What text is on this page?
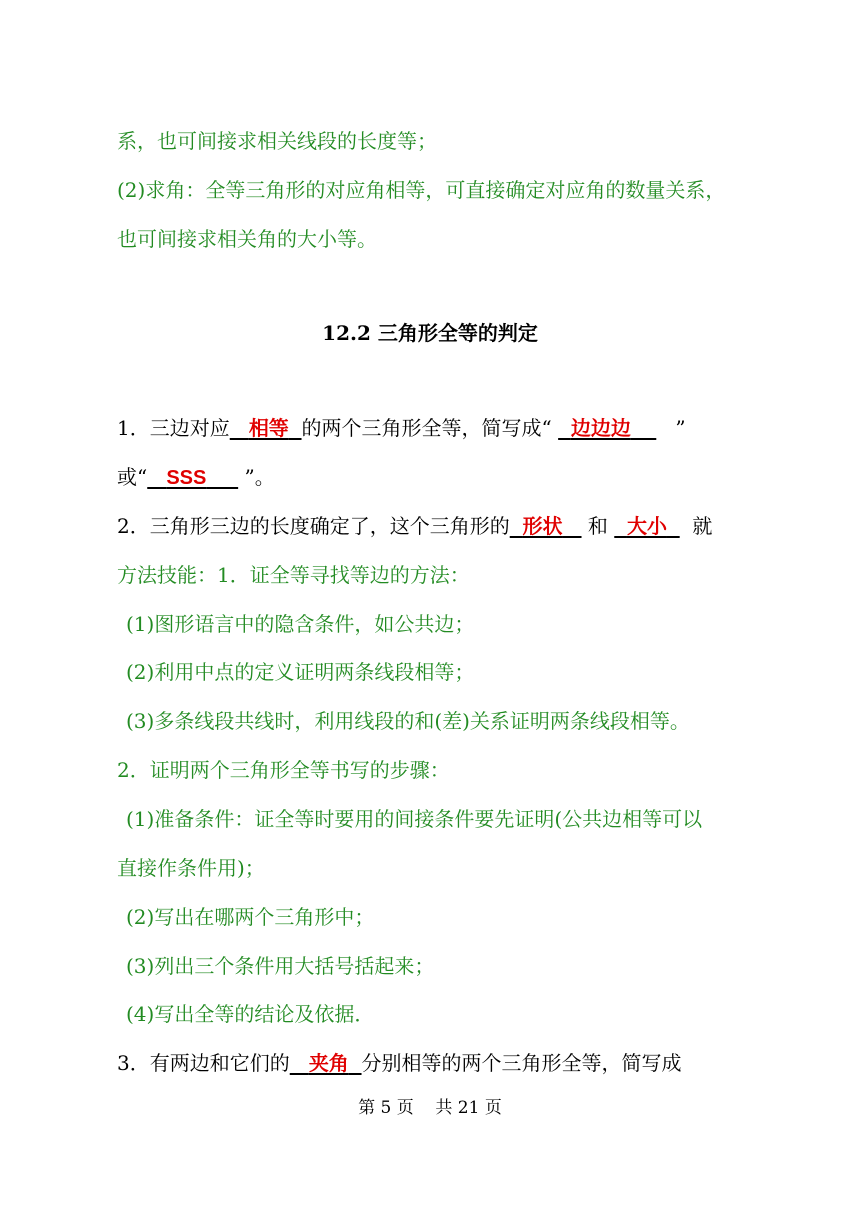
系，也可间接求相关线段的长度等；
(2)求角：全等三角形的对应角相等，可直接确定对应角的数量关系，
也可间接求相关角的大小等。
12.2 三角形全等的判定
1．三边对应 相等 的两个三角形全等，简写成“ 边边边 ”
或“ SSS ”。
2．三角形三边的长度确定了，这个三角形的 形状 和 大小 就
方法技能：1．证全等寻找等边的方法：
(1)图形语言中的隐含条件，如公共边；
(2)利用中点的定义证明两条线段相等；
(3)多条线段共线时，利用线段的和(差)关系证明两条线段相等。
2．证明两个三角形全等书写的步骤：
(1)准备条件：证全等时要用的间接条件要先证明(公共边相等可以
直接作条件用)；
(2)写出在哪两个三角形中；
(3)列出三个条件用大括号括起来；
(4)写出全等的结论及依据．
3．有两边和它们的 夹角 分别相等的两个三角形全等，简写成
第 5 页    共 21 页
